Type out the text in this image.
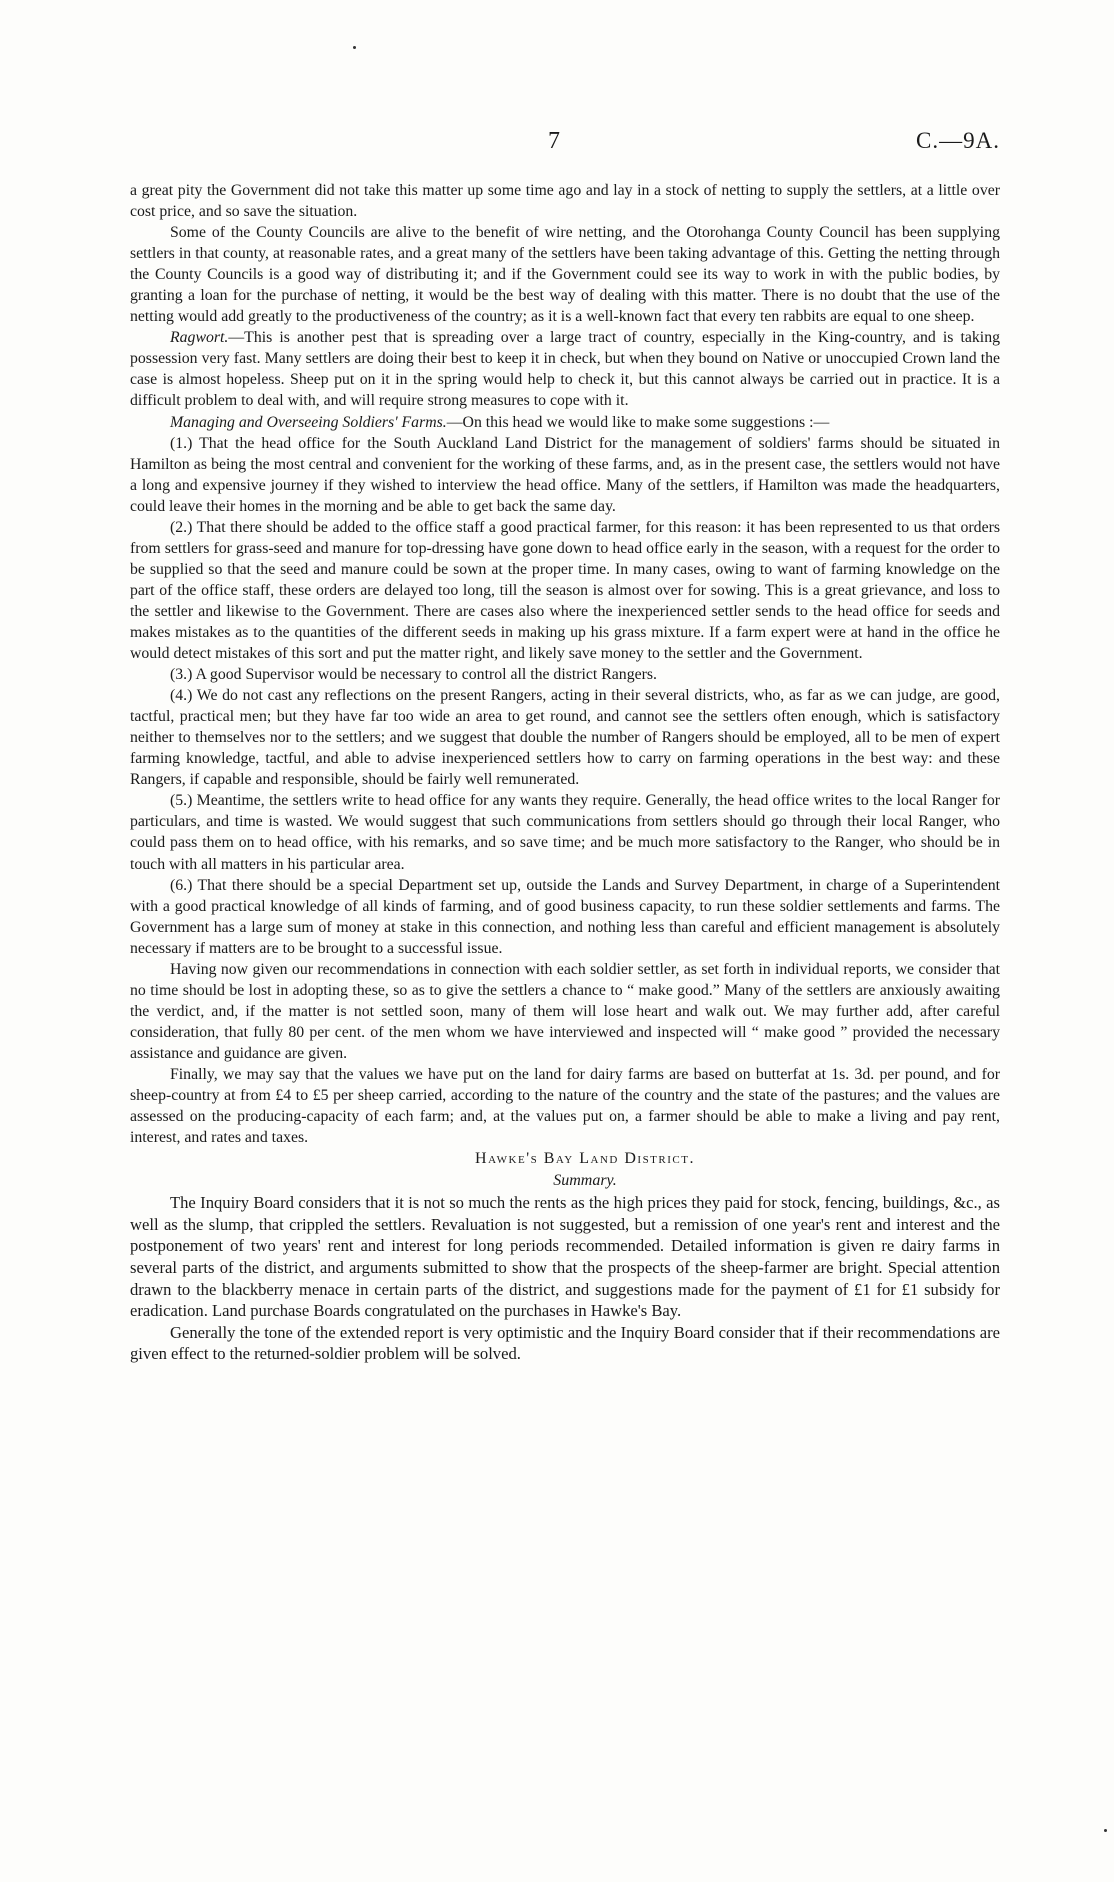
7	C.—9A.

a great pity the Government did not take this matter up some time ago and lay in a stock of netting to supply the settlers, at a little over cost price, and so save the situation.

Some of the County Councils are alive to the benefit of wire netting, and the Otorohanga County Council has been supplying settlers in that county, at reasonable rates, and a great many of the settlers have been taking advantage of this. Getting the netting through the County Councils is a good way of distributing it; and if the Government could see its way to work in with the public bodies, by granting a loan for the purchase of netting, it would be the best way of dealing with this matter. There is no doubt that the use of the netting would add greatly to the productiveness of the country; as it is a well-known fact that every ten rabbits are equal to one sheep.

Ragwort.—This is another pest that is spreading over a large tract of country, especially in the King-country, and is taking possession very fast. Many settlers are doing their best to keep it in check, but when they bound on Native or unoccupied Crown land the case is almost hopeless. Sheep put on it in the spring would help to check it, but this cannot always be carried out in practice. It is a difficult problem to deal with, and will require strong measures to cope with it.

Managing and Overseeing Soldiers' Farms.—On this head we would like to make some suggestions :—

(1.) That the head office for the South Auckland Land District for the management of soldiers' farms should be situated in Hamilton as being the most central and convenient for the working of these farms, and, as in the present case, the settlers would not have a long and expensive journey if they wished to interview the head office. Many of the settlers, if Hamilton was made the headquarters, could leave their homes in the morning and be able to get back the same day.

(2.) That there should be added to the office staff a good practical farmer, for this reason: it has been represented to us that orders from settlers for grass-seed and manure for top-dressing have gone down to head office early in the season, with a request for the order to be supplied so that the seed and manure could be sown at the proper time. In many cases, owing to want of farming knowledge on the part of the office staff, these orders are delayed too long, till the season is almost over for sowing. This is a great grievance, and loss to the settler and likewise to the Government. There are cases also where the inexperienced settler sends to the head office for seeds and makes mistakes as to the quantities of the different seeds in making up his grass mixture. If a farm expert were at hand in the office he would detect mistakes of this sort and put the matter right, and likely save money to the settler and the Government.

(3.) A good Supervisor would be necessary to control all the district Rangers.

(4.) We do not cast any reflections on the present Rangers, acting in their several districts, who, as far as we can judge, are good, tactful, practical men; but they have far too wide an area to get round, and cannot see the settlers often enough, which is satisfactory neither to themselves nor to the settlers; and we suggest that double the number of Rangers should be employed, all to be men of expert farming knowledge, tactful, and able to advise inexperienced settlers how to carry on farming operations in the best way: and these Rangers, if capable and responsible, should be fairly well remunerated.

(5.) Meantime, the settlers write to head office for any wants they require. Generally, the head office writes to the local Ranger for particulars, and time is wasted. We would suggest that such communications from settlers should go through their local Ranger, who could pass them on to head office, with his remarks, and so save time; and be much more satisfactory to the Ranger, who should be in touch with all matters in his particular area.

(6.) That there should be a special Department set up, outside the Lands and Survey Department, in charge of a Superintendent with a good practical knowledge of all kinds of farming, and of good business capacity, to run these soldier settlements and farms. The Government has a large sum of money at stake in this connection, and nothing less than careful and efficient management is absolutely necessary if matters are to be brought to a successful issue.

Having now given our recommendations in connection with each soldier settler, as set forth in individual reports, we consider that no time should be lost in adopting these, so as to give the settlers a chance to “ make good.” Many of the settlers are anxiously awaiting the verdict, and, if the matter is not settled soon, many of them will lose heart and walk out. We may further add, after careful consideration, that fully 80 per cent. of the men whom we have interviewed and inspected will “ make good ” provided the necessary assistance and guidance are given.

Finally, we may say that the values we have put on the land for dairy farms are based on butterfat at 1s. 3d. per pound, and for sheep-country at from £4 to £5 per sheep carried, according to the nature of the country and the state of the pastures; and the values are assessed on the producing-capacity of each farm; and, at the values put on, a farmer should be able to make a living and pay rent, interest, and rates and taxes.

Hawke's Bay Land District.

Summary.

The Inquiry Board considers that it is not so much the rents as the high prices they paid for stock, fencing, buildings, &c., as well as the slump, that crippled the settlers. Revaluation is not suggested, but a remission of one year's rent and interest and the postponement of two years' rent and interest for long periods recommended. Detailed information is given re dairy farms in several parts of the district, and arguments submitted to show that the prospects of the sheep-farmer are bright. Special attention drawn to the blackberry menace in certain parts of the district, and suggestions made for the payment of £1 for £1 subsidy for eradication. Land purchase Boards congratulated on the purchases in Hawke's Bay.

Generally the tone of the extended report is very optimistic and the Inquiry Board consider that if their recommendations are given effect to the returned-soldier problem will be solved.
